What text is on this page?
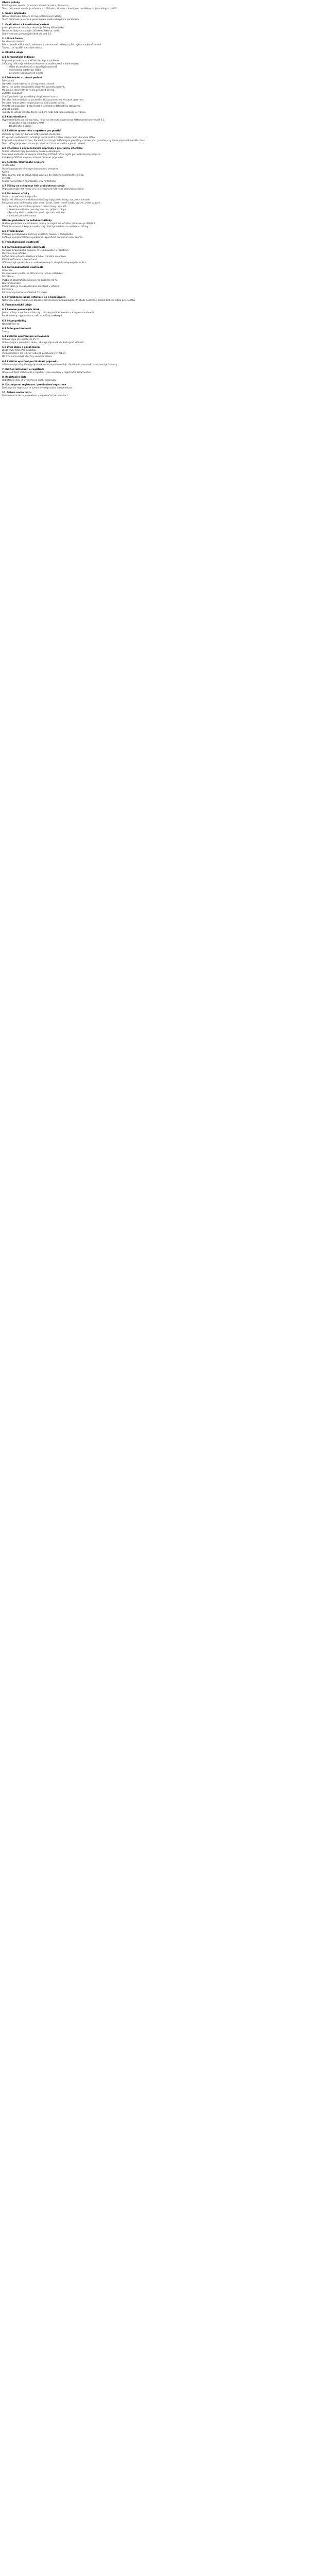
Obsah přílohy
Příloha je bez obsahu (souhrnná charakteristika přípravku).
Tento dokument obsahuje informace o léčivém přípravku, které jsou rozděleny do jednotlivých oddílů.
1. Název přípravku
Název přípravku: tablety 10 mg, potahované tablety.
Tento přípravek je určen k perorálnímu podání dospělým pacientům.
2. Kvalitativní a kvantitativní složení
Jedna potahovaná tableta obsahuje 10 mg léčivé látky.
Pomocné látky se známým účinkem: laktosa, sodík.
Úplný seznam pomocných látek viz bod 6.1.
3. Léková forma
Potahovaná tableta.
Bílé až téměř bílé, kulaté, bikonvexní potahované tablety s půlicí rýhou na jedné straně.
Tabletu lze rozdělit na stejné dávky.
4. Klinické údaje
4.1 Terapeutické indikace
Přípravek je indikován k léčbě dospělých pacientů.
Léčba by měla být zahájena lékařem se zkušenostmi v dané oblasti.
– léčba akutních stavů u dospělých pacientů
– dlouhodobá udržovací léčba
– prevence opakovaných epizod
4.2 Dávkování a způsob podání
Dávkování
Obvyklá úvodní dávka je 10 mg jednou denně.
Dávku lze podle individuální odpovědi pacienta upravit.
Maximální denní dávka nemá překročit 20 mg.
Zvláštní populace
Starší pacienti: úprava dávky obvykle není nutná.
Porucha funkce ledvin: u pacientů s těžkou poruchou je nutná opatrnost.
Porucha funkce jater: doporučuje se nižší úvodní dávka.
Pediatrická populace: bezpečnost a účinnost u dětí nebyla stanovena.
Způsob podání
Tablety se užívají jednou denně s jídlem nebo bez jídla a zapíjejí se vodou.
4.3 Kontraindikace
Hypersenzitivita na léčivou látku nebo na kteroukoli pomocnou látku uvedenou v bodě 6.1.
– současná léčba inhibitory MAO
– těhotenství a kojení
4.4 Zvláštní upozornění a opatření pro použití
Pacienti by měli být během léčby pečlivě sledováni.
Při výskytu nežádoucích účinků je nutné zvážit snížení dávky nebo ukončení léčby.
Přípravek obsahuje laktosu. Pacienti se vzácnými dědičnými problémy s intolerancí galaktosy by tento přípravek neměli užívat.
Tento léčivý přípravek obsahuje méně než 1 mmol sodíku v jedné tabletě.
4.5 Interakce s jinými léčivými přípravky a jiné formy interakce
Studie interakcí byly provedeny pouze u dospělých.
Současné podávání se silnými inhibitory CYP3A4 může zvýšit plazmatické koncentrace.
Induktory CYP3A4 mohou snižovat účinnost přípravku.
4.6 Fertilita, těhotenství a kojení
Těhotenství
Údaje o podávání těhotným ženám jsou omezené.
Kojení
Není známo, zda se léčivá látka vylučuje do lidského mateřského mléka.
Fertilita
Studie na zvířatech neprokázaly vliv na fertilitu.
4.7 Účinky na schopnost řídit a obsluhovat stroje
Přípravek může mít mírný vliv na schopnost řídit nebo obsluhovat stroje.
4.8 Nežádoucí účinky
Souhrn bezpečnostního profilu
Nejčastěji hlášenými nežádoucími účinky byly bolest hlavy, nauzea a závratě.
Frekvence jsou definovány jako: velmi časté, časté, méně časté, vzácné, velmi vzácné.
– Poruchy nervového systému: bolest hlavy, závratě
– Gastrointestinální poruchy: nauzea, průjem, zácpa
– Poruchy kůže a podkožní tkáně: vyrážka, svědění
– Celkové poruchy: únava
Hlášení podezření na nežádoucí účinky
Hlášení podezření na nežádoucí účinky po registraci léčivého přípravku je důležité.
Žádáme zdravotnické pracovníky, aby hlásili podezření na nežádoucí účinky.
4.9 Předávkování
Příznaky předávkování zahrnují ospalost, nauzeu a tachykardii.
Léčba je symptomatická a podpůrná. Specifické antidotum není známo.
5. Farmakologické vlastnosti
5.1 Farmakodynamické vlastnosti
Farmakoterapeutická skupina: ATC kód uveden v registraci.
Mechanismus účinku
Léčivá látka působí selektivní inhibicí cílového receptoru.
Klinická účinnost a bezpečnost
Účinnost byla prokázána v randomizovaných, dvojitě zaslepených studiích.
5.2 Farmakokinetické vlastnosti
Absorpce
Po perorálním podání se léčivá látka rychle vstřebává.
Distribuce
Vazba na plazmatické bílkoviny je přibližně 95 %.
Biotransformace
Léčivá látka je metabolizována převážně v játrech.
Eliminace
Eliminační poločas je přibližně 12 hodin.
5.3 Předklinické údaje vztahující se k bezpečnosti
Neklinické údaje získané na základě konvenčních farmakologických studií neodhalily žádné zvláštní riziko pro člověka.
6. Farmaceutické údaje
6.1 Seznam pomocných látek
Jádro tablety: monohydrát laktosy, mikrokrystalická celulosa, magnesium-stearát.
Potah tablety: hypromelosa, oxid titaničitý, makrogol.
6.2 Inkompatibility
Neuplatňuje se.
6.3 Doba použitelnosti
3 roky.
6.4 Zvláštní opatření pro uchovávání
Uchovávejte při teplotě do 25 °C.
Uchovávejte v původním obalu, aby byl přípravek chráněn před vlhkostí.
6.5 Druh obalu a obsah balení
Blistr (PVC/PVDC/Al), krabička.
Velikost balení: 10, 30, 60 nebo 90 potahovaných tablet.
Na trhu nemusí být všechny velikosti balení.
6.6 Zvláštní opatření pro likvidaci přípravku
Všechen nepoužitý léčivý přípravek nebo odpad musí být zlikvidován v souladu s místními požadavky.
7. Držitel rozhodnutí o registraci
Údaje o držiteli rozhodnutí o registraci jsou uvedeny v registrační dokumentaci.
8. Registrační číslo
Registrační číslo je uvedeno na obalu přípravku.
9. Datum první registrace / prodloužení registrace
Datum první registrace je uvedeno v registrační dokumentaci.
10. Datum revize textu
Datum revize textu je uvedeno v registrační dokumentaci.
